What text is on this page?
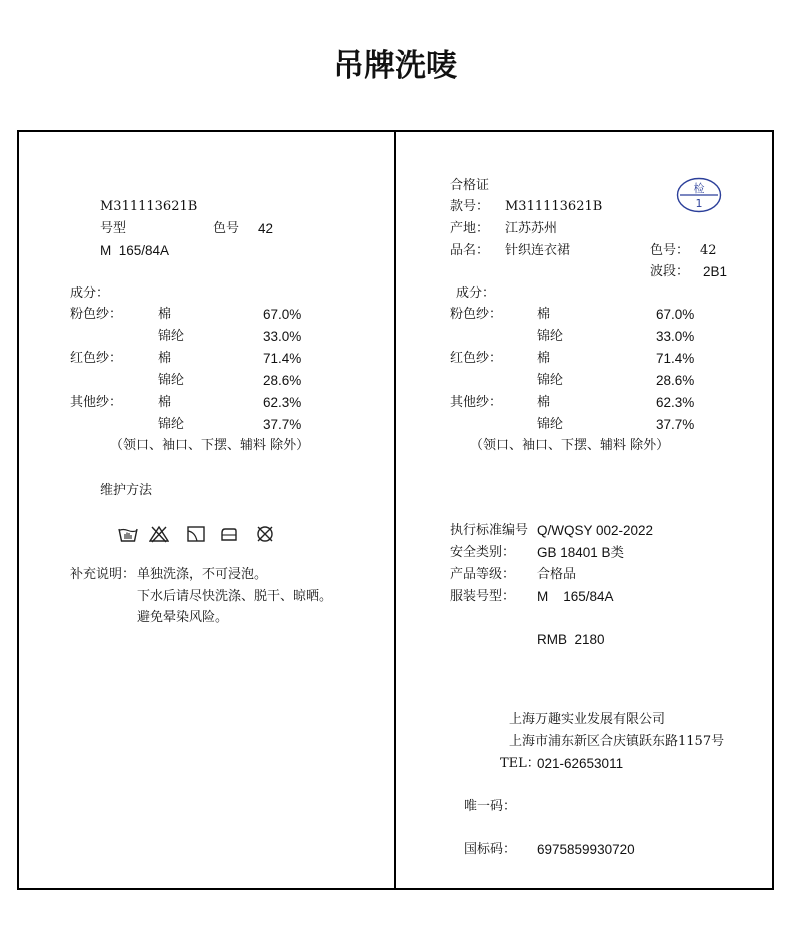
吊牌洗唛
M311113621B
号型	色号 42
M  165/84A
成分：
粉色纱：	棉	67.0%
锦纶	33.0%
红色纱：	棉	71.4%
锦纶	28.6%
其他纱：	棉	62.3%
锦纶	37.7%
（领口、袖口、下摆、辅料 除外）
维护方法
补充说明： 单独洗涤，不可浸泡。
下水后请尽快洗涤、脱干、晾晒。
避免晕染风险。
合格证	检
1
款号： M311113621B
产地： 江苏苏州
品名： 针织连衣裙	色号： 42
波段： 2B1
成分：
粉色纱：	棉	67.0%
锦纶	33.0%
红色纱：	棉	71.4%
锦纶	28.6%
其他纱：	棉	62.3%
锦纶	37.7%
（领口、袖口、下摆、辅料 除外）
执行标准编号 Q/WQSY 002-2022
安全类别： GB 18401 B类
产品等级： 合格品
服装号型： M    165/84A
RMB  2180
上海万趣实业发展有限公司
上海市浦东新区合庆镇跃东路1157号
TEL：
021-62653011
唯一码：
国标码： 6975859930720
